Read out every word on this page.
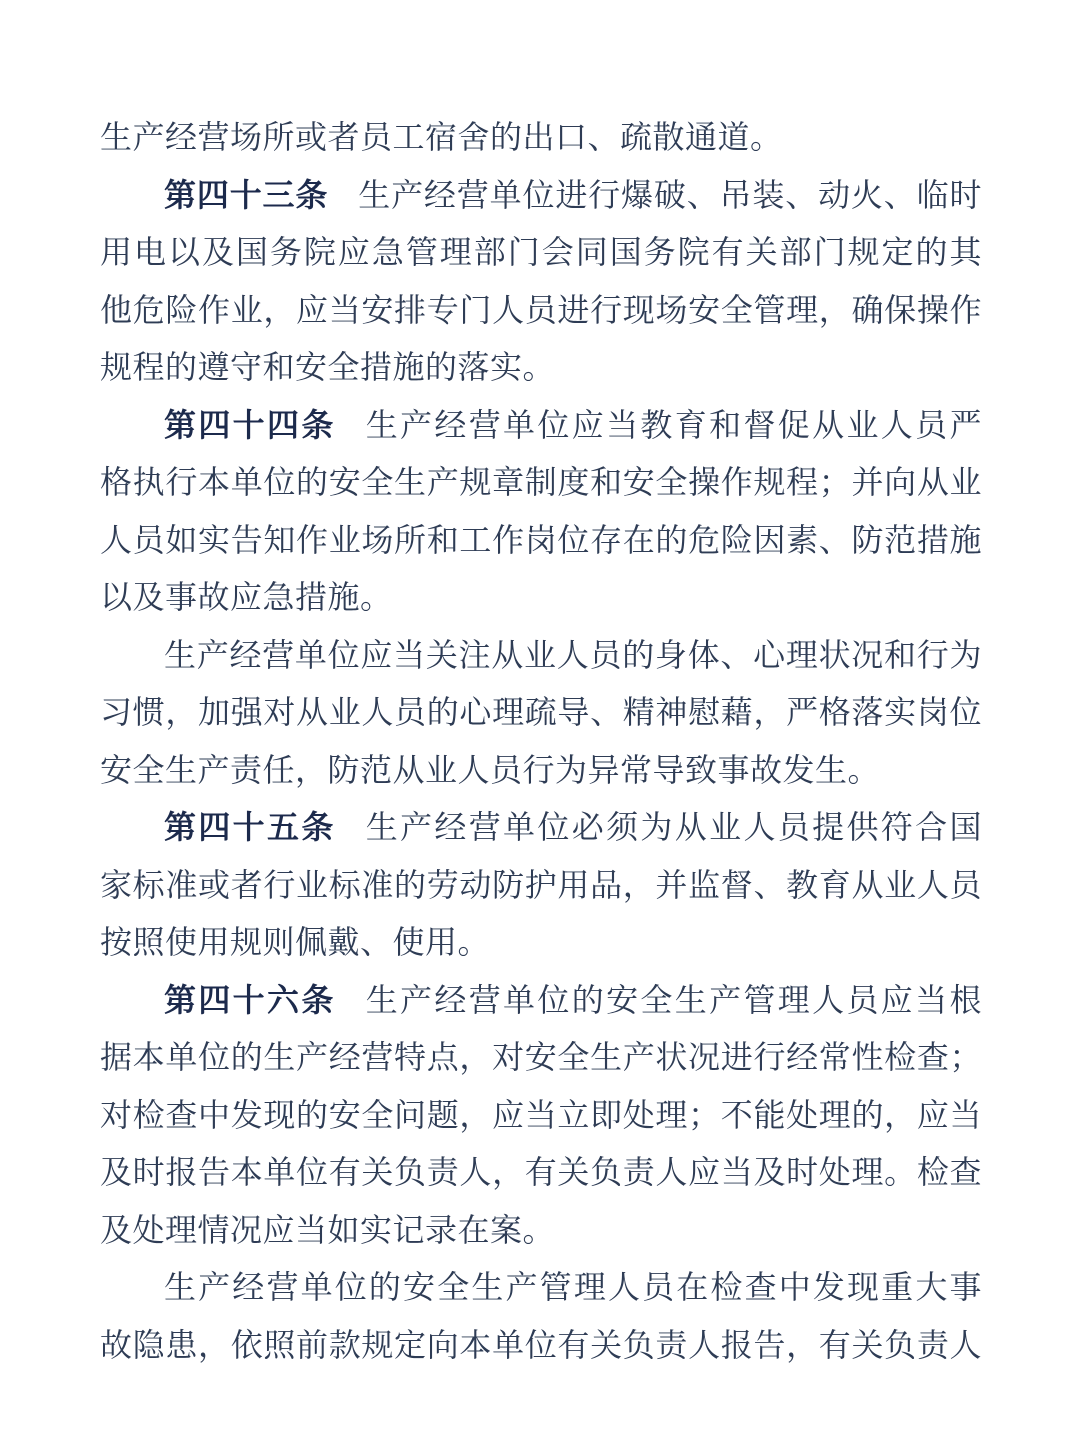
生产经营场所或者员工宿舍的出口、疏散通道。
第四十三条 生产经营单位进行爆破、吊装、动火、临时
用电以及国务院应急管理部门会同国务院有关部门规定的其
他危险作业，应当安排专门人员进行现场安全管理，确保操作
规程的遵守和安全措施的落实。
第四十四条 生产经营单位应当教育和督促从业人员严
格执行本单位的安全生产规章制度和安全操作规程；并向从业
人员如实告知作业场所和工作岗位存在的危险因素、防范措施
以及事故应急措施。
生产经营单位应当关注从业人员的身体、心理状况和行为
习惯，加强对从业人员的心理疏导、精神慰藉，严格落实岗位
安全生产责任，防范从业人员行为异常导致事故发生。
第四十五条 生产经营单位必须为从业人员提供符合国
家标准或者行业标准的劳动防护用品，并监督、教育从业人员
按照使用规则佩戴、使用。
第四十六条 生产经营单位的安全生产管理人员应当根
据本单位的生产经营特点，对安全生产状况进行经常性检查；
对检查中发现的安全问题，应当立即处理；不能处理的，应当
及时报告本单位有关负责人，有关负责人应当及时处理。检查
及处理情况应当如实记录在案。
生产经营单位的安全生产管理人员在检查中发现重大事
故隐患，依照前款规定向本单位有关负责人报告，有关负责人
